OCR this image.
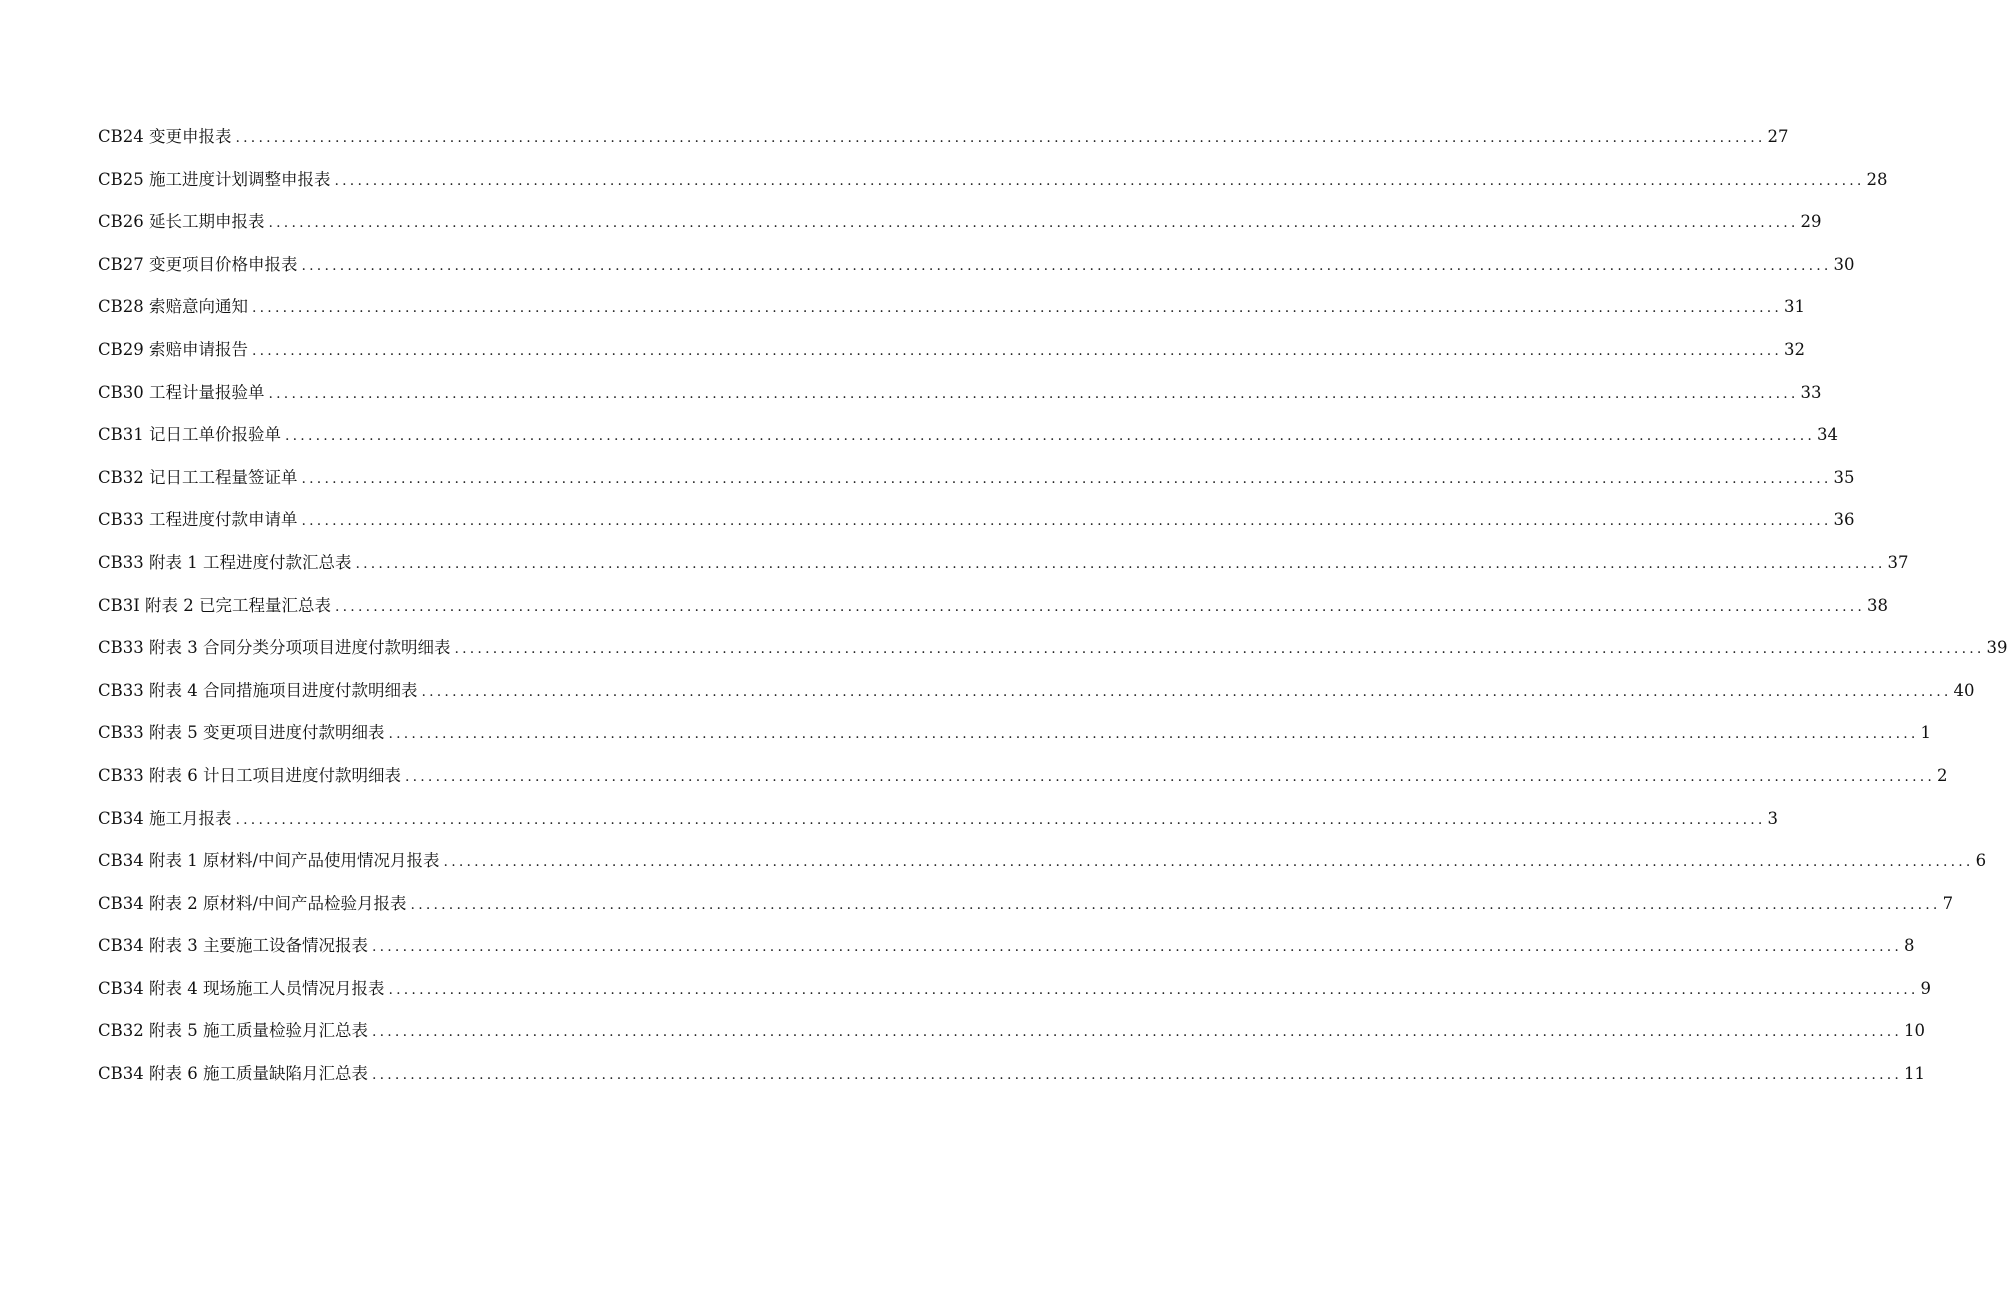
CB24 变更申报表 ........................................................................................................................................................................................................ 27
CB25 施工进度计划调整申报表 ........................................................................................................................................................................................................ 28
CB26 延长工期申报表 ........................................................................................................................................................................................................ 29
CB27 变更项目价格申报表 ........................................................................................................................................................................................................ 30
CB28 索赔意向通知 ........................................................................................................................................................................................................ 31
CB29 索赔申请报告 ........................................................................................................................................................................................................ 32
CB30 工程计量报验单 ........................................................................................................................................................................................................ 33
CB31 记日工单价报验单 ........................................................................................................................................................................................................ 34
CB32 记日工工程量签证单 ........................................................................................................................................................................................................ 35
CB33 工程进度付款申请单 ........................................................................................................................................................................................................ 36
CB33 附表 1 工程进度付款汇总表 ........................................................................................................................................................................................................ 37
CB3I 附表 2 已完工程量汇总表 ........................................................................................................................................................................................................ 38
CB33 附表 3 合同分类分项项目进度付款明细表 ........................................................................................................................................................................................................ 39
CB33 附表 4 合同措施项目进度付款明细表 ........................................................................................................................................................................................................ 40
CB33 附表 5 变更项目进度付款明细表 ........................................................................................................................................................................................................ 1
CB33 附表 6 计日工项目进度付款明细表 ........................................................................................................................................................................................................ 2
CB34 施工月报表 ........................................................................................................................................................................................................ 3
CB34 附表 1 原材料/中间产品使用情况月报表 ........................................................................................................................................................................................................ 6
CB34 附表 2 原材料/中间产品检验月报表 ........................................................................................................................................................................................................ 7
CB34 附表 3 主要施工设备情况报表 ........................................................................................................................................................................................................ 8
CB34 附表 4 现场施工人员情况月报表 ........................................................................................................................................................................................................ 9
CB32 附表 5 施工质量检验月汇总表 ........................................................................................................................................................................................................ 10
CB34 附表 6 施工质量缺陷月汇总表 ........................................................................................................................................................................................................ 11
